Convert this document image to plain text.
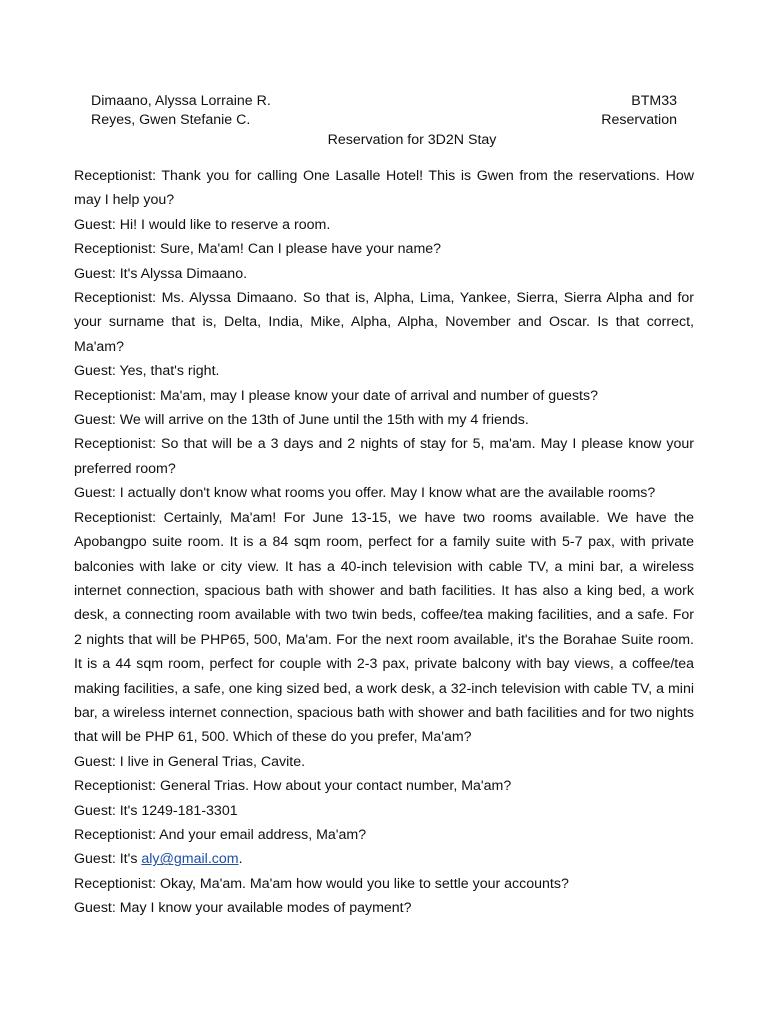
Dimaano, Alyssa Lorraine R.	BTM33
Reyes, Gwen Stefanie C.	Reservation
Reservation for 3D2N Stay

Receptionist: Thank you for calling One Lasalle Hotel! This is Gwen from the reservations. How may I help you?

Guest: Hi! I would like to reserve a room.

Receptionist: Sure, Ma'am! Can I please have your name?

Guest: It's Alyssa Dimaano.

Receptionist: Ms. Alyssa Dimaano. So that is, Alpha, Lima, Yankee, Sierra, Sierra Alpha and for your surname that is, Delta, India, Mike, Alpha, Alpha, November and Oscar. Is that correct, Ma'am?

Guest: Yes, that's right.

Receptionist: Ma'am, may I please know your date of arrival and number of guests?

Guest: We will arrive on the 13th of June until the 15th with my 4 friends.

Receptionist: So that will be a 3 days and 2 nights of stay for 5, ma'am. May I please know your preferred room?

Guest: I actually don't know what rooms you offer. May I know what are the available rooms?

Receptionist: Certainly, Ma'am! For June 13-15, we have two rooms available. We have the Apobangpo suite room. It is a 84 sqm room, perfect for a family suite with 5-7 pax, with private balconies with lake or city view. It has a 40-inch television with cable TV, a mini bar, a wireless internet connection, spacious bath with shower and bath facilities. It has also a king bed, a work desk, a connecting room available with two twin beds, coffee/tea making facilities, and a safe. For 2 nights that will be PHP65, 500, Ma'am. For the next room available, it's the Borahae Suite room. It is a 44 sqm room, perfect for couple with 2-3 pax, private balcony with bay views, a coffee/tea making facilities, a safe, one king sized bed, a work desk, a 32-inch television with cable TV, a mini bar, a wireless internet connection, spacious bath with shower and bath facilities and for two nights that will be PHP 61, 500. Which of these do you prefer, Ma'am?

Guest: I live in General Trias, Cavite.

Receptionist: General Trias. How about your contact number, Ma'am?

Guest: It's 1249-181-3301

Receptionist: And your email address, Ma'am?

Guest: It's aly@gmail.com.

Receptionist: Okay, Ma'am. Ma'am how would you like to settle your accounts?

Guest: May I know your available modes of payment?
